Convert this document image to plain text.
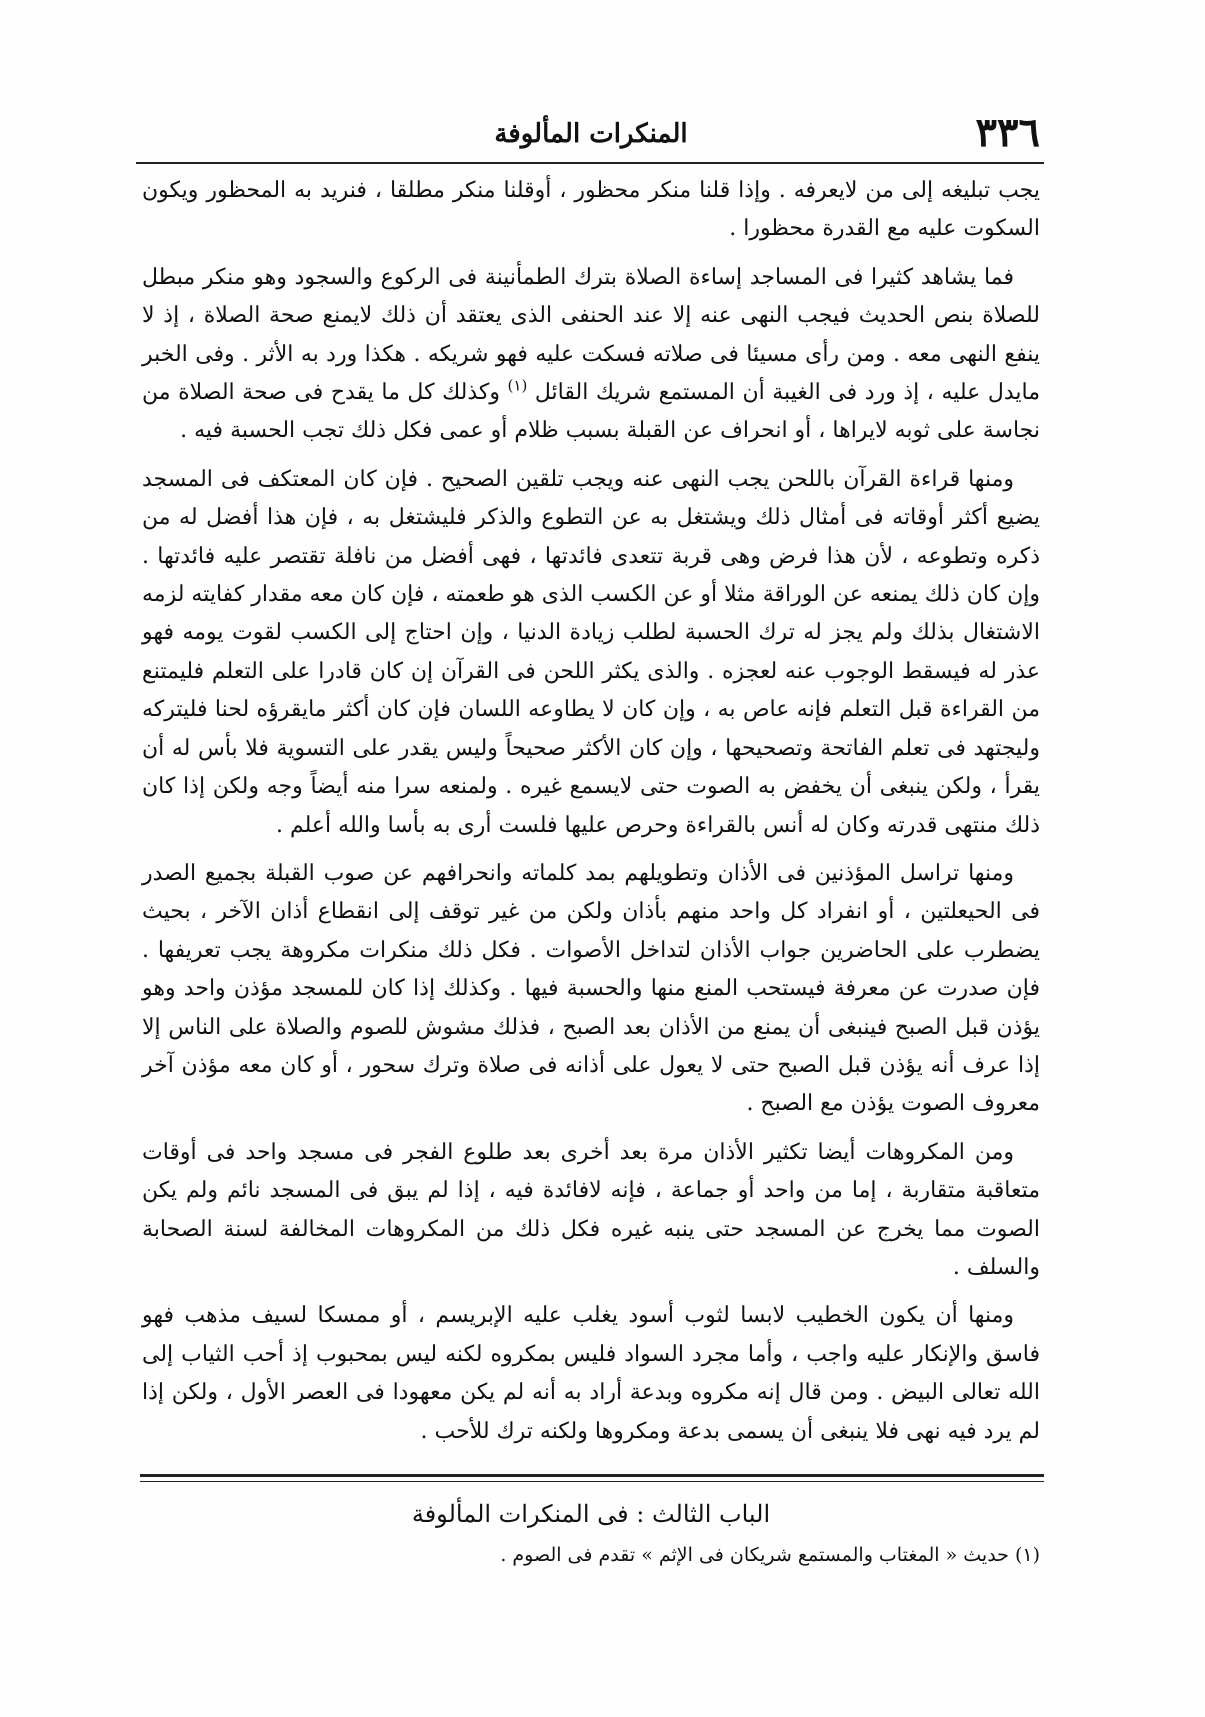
٣٣٦
المنكرات المألوفة

يجب تبليغه إلى من لايعرفه . وإذا قلنا منكر محظور ، أوقلنا منكر مطلقا ، فنريد به المحظور ويكون السكوت عليه مع القدرة محظورا .

فما يشاهد كثيرا فى المساجد إساءة الصلاة بترك الطمأنينة فى الركوع والسجود وهو منكر مبطل للصلاة بنص الحديث فيجب النهى عنه إلا عند الحنفى الذى يعتقد أن ذلك لايمنع صحة الصلاة ، إذ لا ينفع النهى معه . ومن رأى مسيئا فى صلاته فسكت عليه فهو شريكه . هكذا ورد به الأثر . وفى الخبر مايدل عليه ، إذ ورد فى الغيبة أن المستمع شريك القائل $^{(١)}$ وكذلك كل ما يقدح فى صحة الصلاة من نجاسة على ثوبه لايراها ، أو انحراف عن القبلة بسبب ظلام أو عمى فكل ذلك تجب الحسبة فيه .

ومنها قراءة القرآن باللحن يجب النهى عنه ويجب تلقين الصحيح . فإن كان المعتكف فى المسجد يضيع أكثر أوقاته فى أمثال ذلك ويشتغل به عن التطوع والذكر فليشتغل به ، فإن هذا أفضل له من ذكره وتطوعه ، لأن هذا فرض وهى قربة تتعدى فائدتها ، فهى أفضل من نافلة تقتصر عليه فائدتها . وإن كان ذلك يمنعه عن الوراقة مثلا أو عن الكسب الذى هو طعمته ، فإن كان معه مقدار كفايته لزمه الاشتغال بذلك ولم يجز له ترك الحسبة لطلب زيادة الدنيا ، وإن احتاج إلى الكسب لقوت يومه فهو عذر له فيسقط الوجوب عنه لعجزه . والذى يكثر اللحن فى القرآن إن كان قادرا على التعلم فليمتنع من القراءة قبل التعلم فإنه عاص به ، وإن كان لا يطاوعه اللسان فإن كان أكثر مايقرؤه لحنا فليتركه وليجتهد فى تعلم الفاتحة وتصحيحها ، وإن كان الأكثر صحيحاً وليس يقدر على التسوية فلا بأس له أن يقرأ ، ولكن ينبغى أن يخفض به الصوت حتى لايسمع غيره . ولمنعه سرا منه أيضاً وجه ولكن إذا كان ذلك منتهى قدرته وكان له أنس بالقراءة وحرص عليها فلست أرى به بأسا والله أعلم .

ومنها تراسل المؤذنين فى الأذان وتطويلهم بمد كلماته وانحرافهم عن صوب القبلة بجميع الصدر فى الحيعلتين ، أو انفراد كل واحد منهم بأذان ولكن من غير توقف إلى انقطاع أذان الآخر ، بحيث يضطرب على الحاضرين جواب الأذان لتداخل الأصوات . فكل ذلك منكرات مكروهة يجب تعريفها . فإن صدرت عن معرفة فيستحب المنع منها والحسبة فيها . وكذلك إذا كان للمسجد مؤذن واحد وهو يؤذن قبل الصبح فينبغى أن يمنع من الأذان بعد الصبح ، فذلك مشوش للصوم والصلاة على الناس إلا إذا عرف أنه يؤذن قبل الصبح حتى لا يعول على أذانه فى صلاة وترك سحور ، أو كان معه مؤذن آخر معروف الصوت يؤذن مع الصبح .

ومن المكروهات أيضا تكثير الأذان مرة بعد أخرى بعد طلوع الفجر فى مسجد واحد فى أوقات متعاقبة متقاربة ، إما من واحد أو جماعة ، فإنه لافائدة فيه ، إذا لم يبق فى المسجد نائم ولم يكن الصوت مما يخرج عن المسجد حتى ينبه غيره فكل ذلك من المكروهات المخالفة لسنة الصحابة والسلف .

ومنها أن يكون الخطيب لابسا لثوب أسود يغلب عليه الإبريسم ، أو ممسكا لسيف مذهب فهو فاسق والإنكار عليه واجب ، وأما مجرد السواد فليس بمكروه لكنه ليس بمحبوب إذ أحب الثياب إلى الله تعالى البيض . ومن قال إنه مكروه وبدعة أراد به أنه لم يكن معهودا فى العصر الأول ، ولكن إذا لم يرد فيه نهى فلا ينبغى أن يسمى بدعة ومكروها ولكنه ترك للأحب .

الباب الثالث : فى المنكرات المألوفة
(١) حديث « المغتاب والمستمع شريكان فى الإثم » تقدم فى الصوم .
